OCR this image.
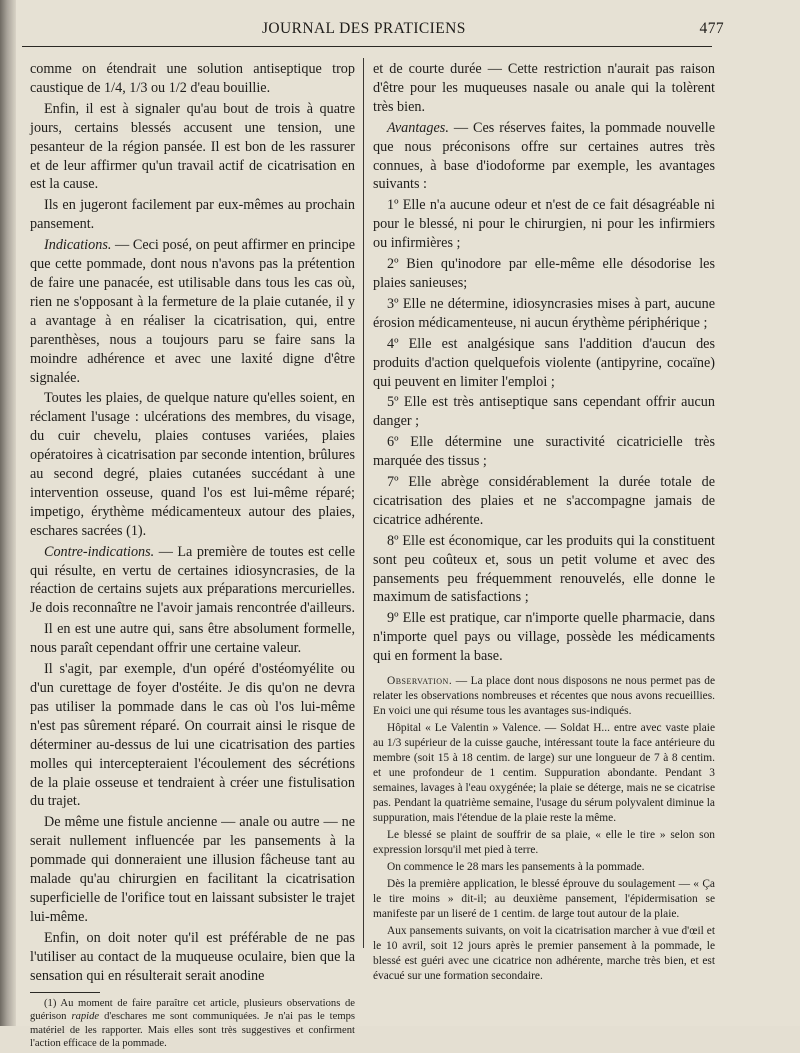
JOURNAL DES PRATICIENS	477

comme on étendrait une solution antiseptique trop caustique de 1/4, 1/3 ou 1/2 d'eau bouillie.

Enfin, il est à signaler qu'au bout de trois à quatre jours, certains blessés accusent une tension, une pesanteur de la région pansée. Il est bon de les rassurer et de leur affirmer qu'un travail actif de cicatrisation en est la cause.

Ils en jugeront facilement par eux-mêmes au prochain pansement.

Indications. — Ceci posé, on peut affirmer en principe que cette pommade, dont nous n'avons pas la prétention de faire une panacée, est utilisable dans tous les cas où, rien ne s'opposant à la fermeture de la plaie cutanée, il y a avantage à en réaliser la cicatrisation, qui, entre parenthèses, nous a toujours paru se faire sans la moindre adhérence et avec une laxité digne d'être signalée.

Toutes les plaies, de quelque nature qu'elles soient, en réclament l'usage : ulcérations des membres, du visage, du cuir chevelu, plaies contuses variées, plaies opératoires à cicatrisation par seconde intention, brûlures au second degré, plaies cutanées succédant à une intervention osseuse, quand l'os est lui-même réparé; impetigo, érythème médicamenteux autour des plaies, eschares sacrées (1).

Contre-indications. — La première de toutes est celle qui résulte, en vertu de certaines idiosyncrasies, de la réaction de certains sujets aux préparations mercurielles. Je dois reconnaître ne l'avoir jamais rencontrée d'ailleurs.

Il en est une autre qui, sans être absolument formelle, nous paraît cependant offrir une certaine valeur.

Il s'agit, par exemple, d'un opéré d'ostéomyélite ou d'un curettage de foyer d'ostéite. Je dis qu'on ne devra pas utiliser la pommade dans le cas où l'os lui-même n'est pas sûrement réparé. On courrait ainsi le risque de déterminer au-dessus de lui une cicatrisation des parties molles qui intercepteraient l'écoulement des sécrétions de la plaie osseuse et tendraient à créer une fistulisation du trajet.

De même une fistule ancienne — anale ou autre — ne serait nullement influencée par les pansements à la pommade qui donneraient une illusion fâcheuse tant au malade qu'au chirurgien en facilitant la cicatrisation superficielle de l'orifice tout en laissant subsister le trajet lui-même.

Enfin, on doit noter qu'il est préférable de ne pas l'utiliser au contact de la muqueuse oculaire, bien que la sensation qui en résulterait serait anodine

(1) Au moment de faire paraître cet article, plusieurs observations de guérison rapide d'eschares me sont communiquées. Je n'ai pas le temps matériel de les rapporter. Mais elles sont très suggestives et confirment l'action efficace de la pommade.

et de courte durée — Cette restriction n'aurait pas raison d'être pour les muqueuses nasale ou anale qui la tolèrent très bien.

Avantages. — Ces réserves faites, la pommade nouvelle que nous préconisons offre sur certaines autres très connues, à base d'iodoforme par exemple, les avantages suivants :

1º Elle n'a aucune odeur et n'est de ce fait désagréable ni pour le blessé, ni pour le chirurgien, ni pour les infirmiers ou infirmières ;

2º Bien qu'inodore par elle-même elle désodorise les plaies sanieuses;

3º Elle ne détermine, idiosyncrasies mises à part, aucune érosion médicamenteuse, ni aucun érythème périphérique ;

4º Elle est analgésique sans l'addition d'aucun des produits d'action quelquefois violente (antipyrine, cocaïne) qui peuvent en limiter l'emploi ;

5º Elle est très antiseptique sans cependant offrir aucun danger ;

6º Elle détermine une suractivité cicatricielle très marquée des tissus ;

7º Elle abrège considérablement la durée totale de cicatrisation des plaies et ne s'accompagne jamais de cicatrice adhérente.

8º Elle est économique, car les produits qui la constituent sont peu coûteux et, sous un petit volume et avec des pansements peu fréquemment renouvelés, elle donne le maximum de satisfactions ;

9º Elle est pratique, car n'importe quelle pharmacie, dans n'importe quel pays ou village, possède les médicaments qui en forment la base.

Observation. — La place dont nous disposons ne nous permet pas de relater les observations nombreuses et récentes que nous avons recueillies. En voici une qui résume tous les avantages sus-indiqués.

Hôpital « Le Valentin » Valence. — Soldat H... entre avec vaste plaie au 1/3 supérieur de la cuisse gauche, intéressant toute la face antérieure du membre (soit 15 à 18 centim. de large) sur une longueur de 7 à 8 centim. et une profondeur de 1 centim. Suppuration abondante. Pendant 3 semaines, lavages à l'eau oxygénée; la plaie se déterge, mais ne se cicatrise pas. Pendant la quatrième semaine, l'usage du sérum polyvalent diminue la suppuration, mais l'étendue de la plaie reste la même.

Le blessé se plaint de souffrir de sa plaie, « elle le tire » selon son expression lorsqu'il met pied à terre.

On commence le 28 mars les pansements à la pommade.

Dès la première application, le blessé éprouve du soulagement — « Ça le tire moins » dit-il; au deuxième pansement, l'épidermisation se manifeste par un liseré de 1 centim. de large tout autour de la plaie.

Aux pansements suivants, on voit la cicatrisation marcher à vue d'œil et le 10 avril, soit 12 jours après le premier pansement à la pommade, le blessé est guéri avec une cicatrice non adhérente, marche très bien, et est évacué sur une formation secondaire.
